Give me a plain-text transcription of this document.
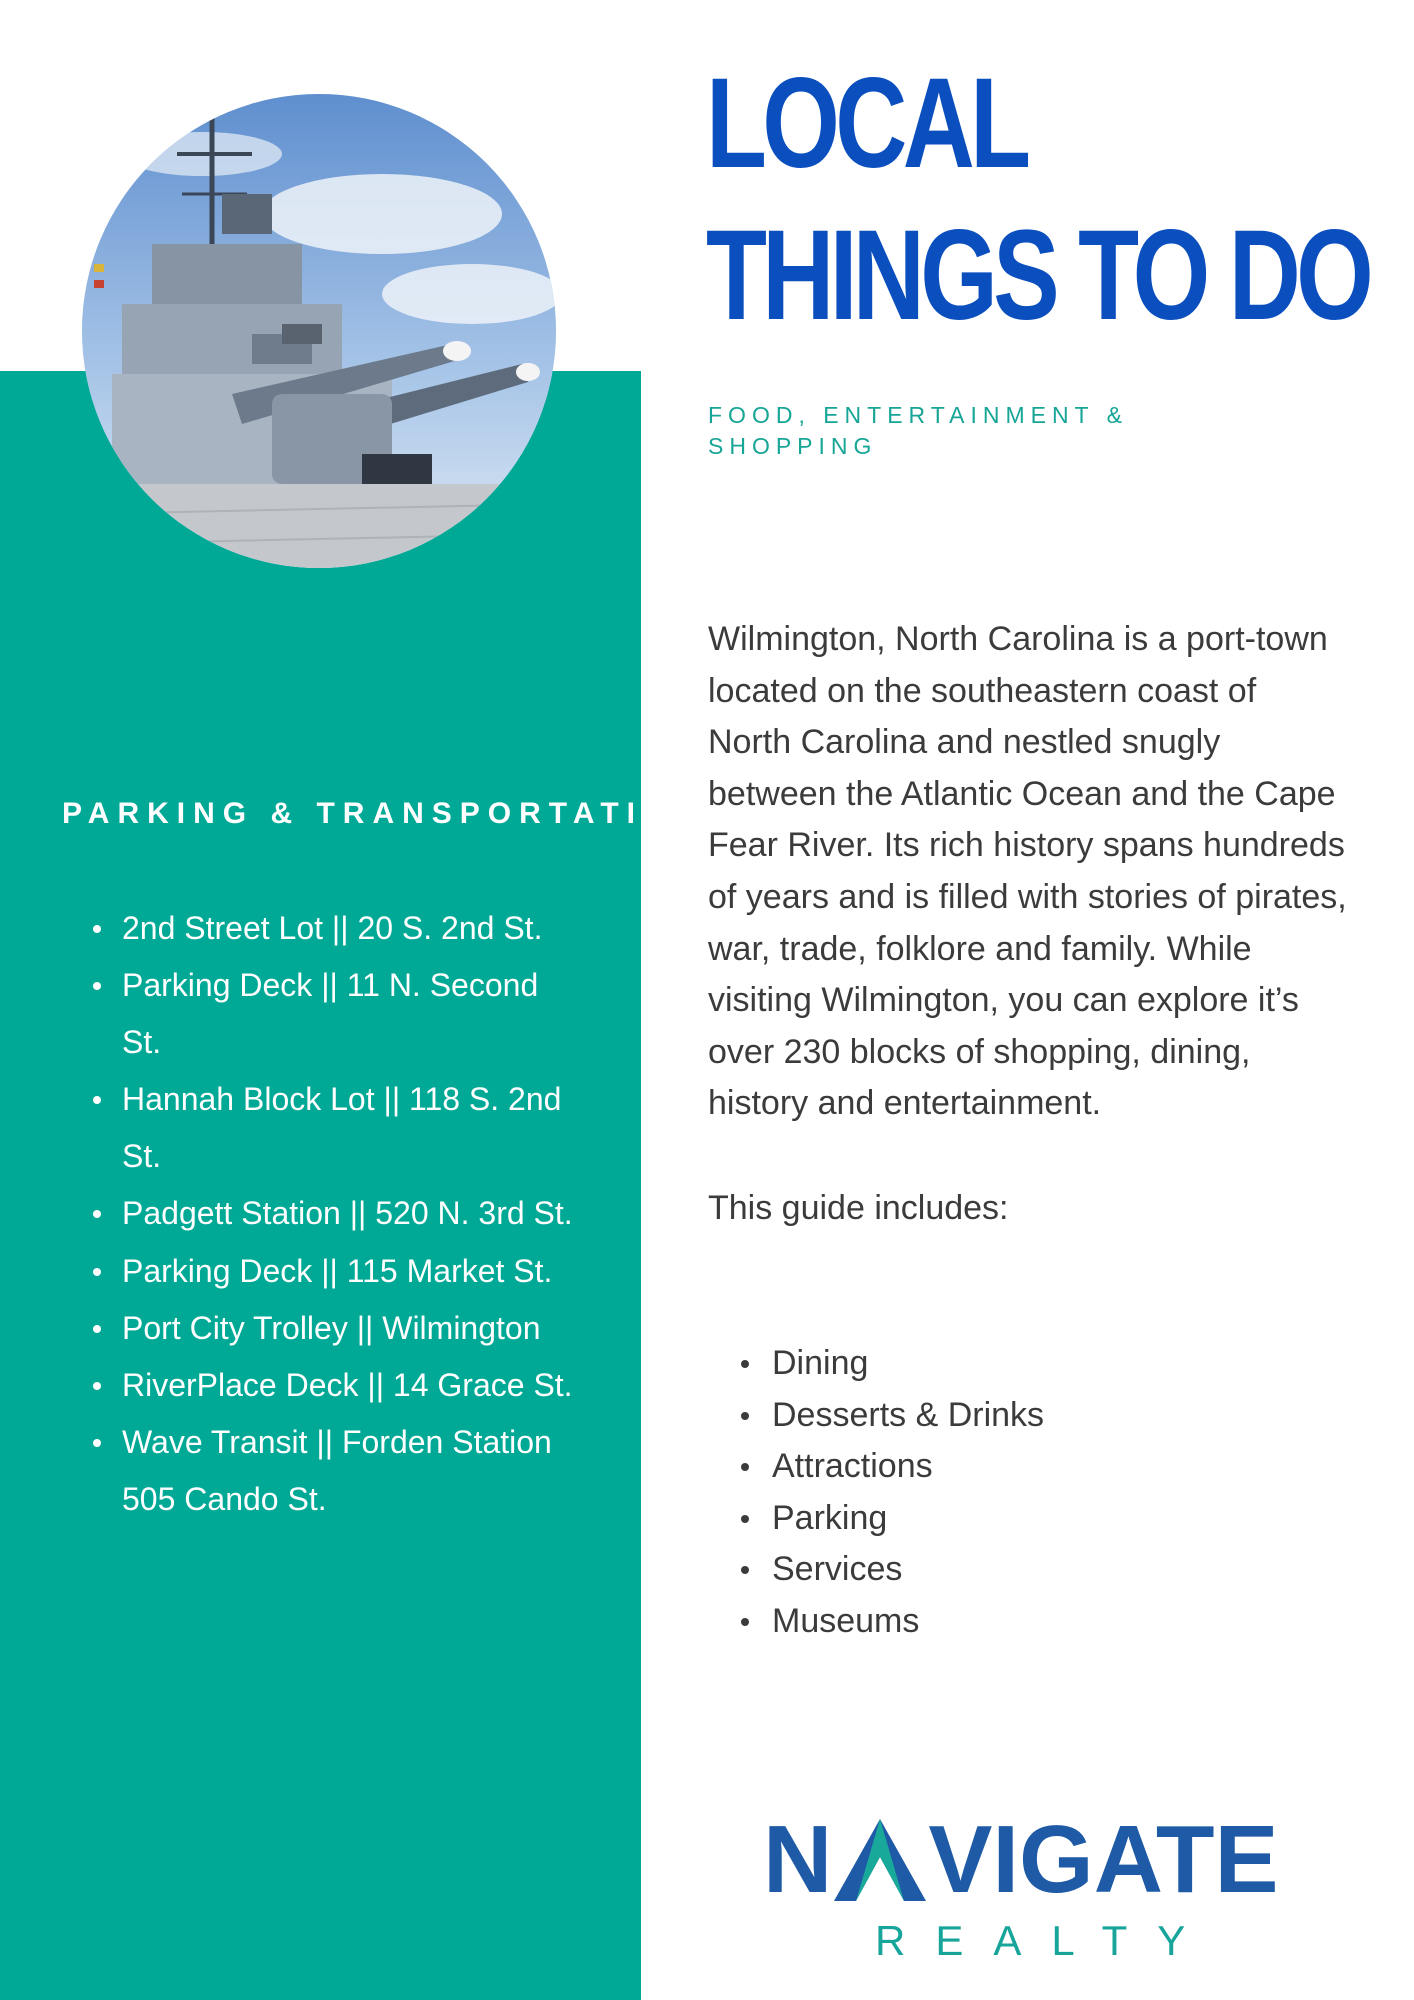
LOCAL
THINGS TO DO

FOOD, ENTERTAINMENT & SHOPPING

Wilmington, North Carolina is a port-town located on the southeastern coast of North Carolina and nestled snugly between the Atlantic Ocean and the Cape Fear River. Its rich history spans hundreds of years and is filled with stories of pirates, war, trade, folklore and family. While visiting Wilmington, you can explore it’s over 230 blocks of shopping, dining, history and entertainment.

This guide includes:

Dining
Desserts & Drinks
Attractions
Parking
Services
Museums
PARKING & TRANSPORTATION
2nd Street Lot || 20 S. 2nd St.
Parking Deck || 11 N. Second St.
Hannah Block Lot || 118 S. 2nd St.
Padgett Station || 520 N. 3rd St.
Parking Deck || 115 Market St.
Port City Trolley || Wilmington
RiverPlace Deck || 14 Grace St.
Wave Transit || Forden Station 505 Cando St.
N VIGATE
REALTY
